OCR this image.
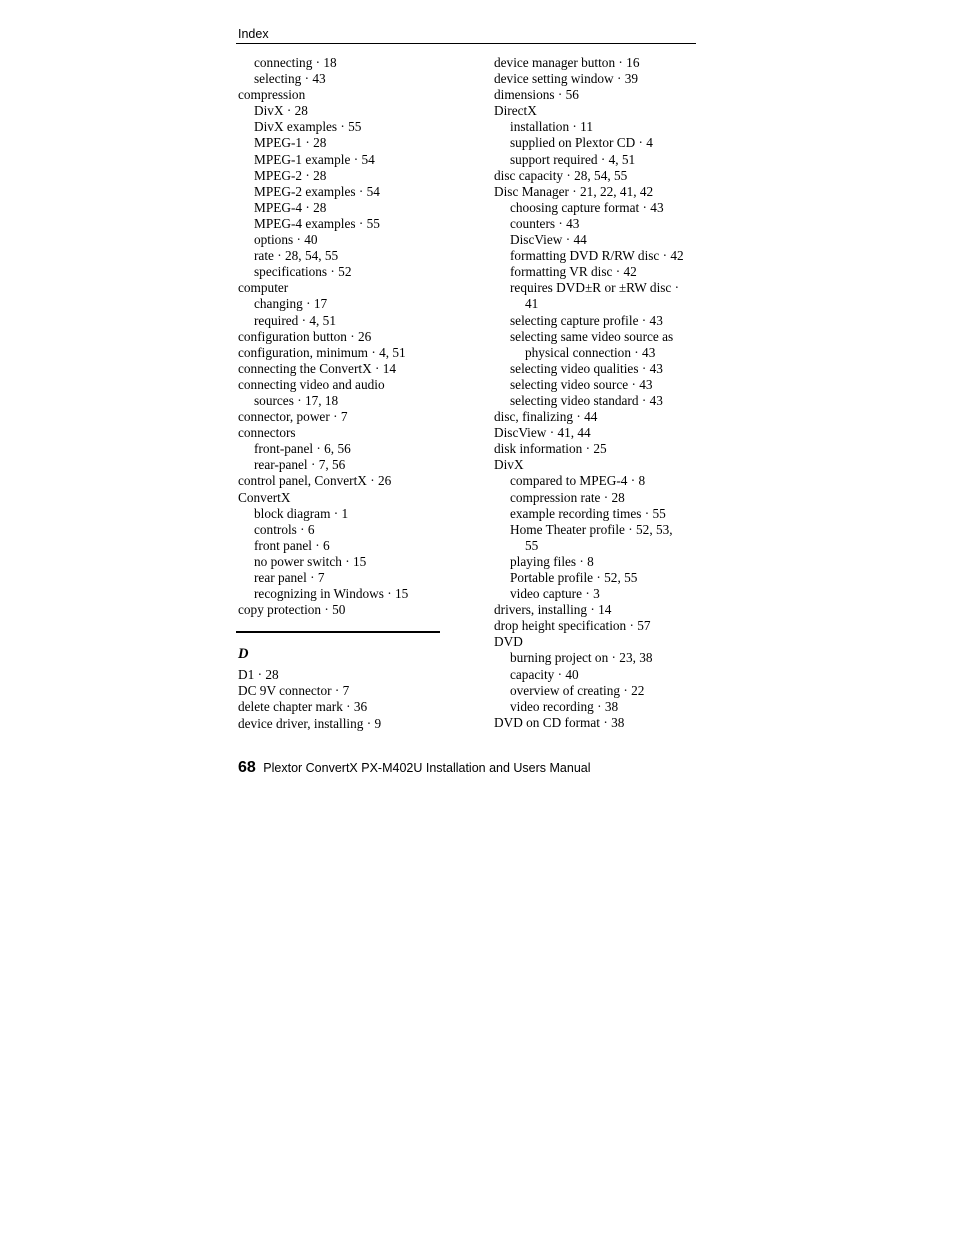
Index
connecting · 18
selecting · 43
compression
DivX · 28
DivX examples · 55
MPEG-1 · 28
MPEG-1 example · 54
MPEG-2 · 28
MPEG-2 examples · 54
MPEG-4 · 28
MPEG-4 examples · 55
options · 40
rate · 28, 54, 55
specifications · 52
computer
changing · 17
required · 4, 51
configuration button · 26
configuration, minimum · 4, 51
connecting the ConvertX · 14
connecting video and audio
sources · 17, 18
connector, power · 7
connectors
front-panel · 6, 56
rear-panel · 7, 56
control panel, ConvertX · 26
ConvertX
block diagram · 1
controls · 6
front panel · 6
no power switch · 15
rear panel · 7
recognizing in Windows · 15
copy protection · 50
D
D1 · 28
DC 9V connector · 7
delete chapter mark · 36
device driver, installing · 9
device manager button · 16
device setting window · 39
dimensions · 56
DirectX
installation · 11
supplied on Plextor CD · 4
support required · 4, 51
disc capacity · 28, 54, 55
Disc Manager · 21, 22, 41, 42
choosing capture format · 43
counters · 43
DiscView · 44
formatting DVD R/RW disc · 42
formatting VR disc · 42
requires DVD±R or ±RW disc ·
41
selecting capture profile · 43
selecting same video source as
physical connection · 43
selecting video qualities · 43
selecting video source · 43
selecting video standard · 43
disc, finalizing · 44
DiscView · 41, 44
disk information · 25
DivX
compared to MPEG-4 · 8
compression rate · 28
example recording times · 55
Home Theater profile · 52, 53,
55
playing files · 8
Portable profile · 52, 55
video capture · 3
drivers, installing · 14
drop height specification · 57
DVD
burning project on · 23, 38
capacity · 40
overview of creating · 22
video recording · 38
DVD on CD format · 38
68 Plextor ConvertX PX-M402U Installation and Users Manual
